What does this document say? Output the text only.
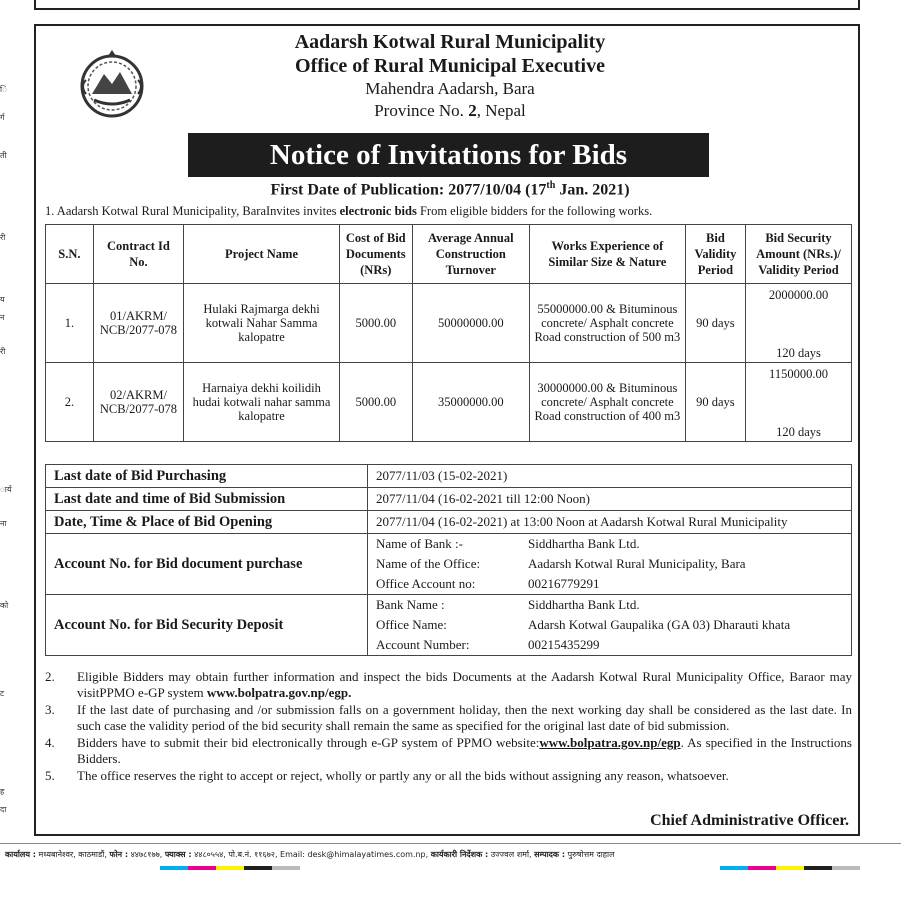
ि
र्ग
ती
री
य
न
री
ार्य
ना
को
ट
ह
दा
Aadarsh Kotwal Rural Municipality
Office of Rural Municipal Executive
Mahendra Aadarsh, Bara
Province No. 2, Nepal
Notice of Invitations for Bids
First Date of Publication: 2077/10/04 (17th Jan. 2021)
1. Aadarsh Kotwal Rural Municipality, BaraInvites invites electronic bids From eligible bidders for the following works.
S.N.	Contract Id No.	Project Name	Cost of Bid Documents (NRs)	Average Annual Construction Turnover	Works Experience of Similar Size & Nature	Bid Validity Period	Bid Security Amount (NRs.)/ Validity Period
1.	01/AKRM/ NCB/2077-078	Hulaki Rajmarga dekhi kotwali Nahar Samma kalopatre	5000.00	50000000.00	55000000.00 & Bituminous concrete/ Asphalt concrete Road construction of 500 m3	90 days	2000000.00
120 days

2.	02/AKRM/ NCB/2077-078	Harnaiya dekhi koilidih hudai kotwali nahar samma kalopatre	5000.00	35000000.00	30000000.00 & Bituminous concrete/ Asphalt concrete Road construction of 400 m3	90 days	1150000.00
120 days
Last date of Bid Purchasing	2077/11/03 (15-02-2021)
Last date and time of Bid Submission	2077/11/04 (16-02-2021 till 12:00 Noon)
Date, Time & Place of Bid Opening	2077/11/04 (16-02-2021) at 13:00 Noon at Aadarsh Kotwal Rural Municipality
Account No. for Bid document purchase	
Name of Bank :-	Siddhartha Bank Ltd.
Name of the Office:	Aadarsh Kotwal Rural Municipality, Bara
Office Account no:	00216779291

Account No. for Bid Security Deposit	
Bank Name :	Siddhartha Bank Ltd.
Office Name:	Adarsh Kotwal Gaupalika (GA 03) Dharauti khata
Account Number:	00215435299
2.	Eligible Bidders may obtain further information and inspect the bids Documents at the Aadarsh Kotwal Rural Municipality Office, Baraor may visitPPMO e-GP system www.bolpatra.gov.np/egp.
3.	If the last date of purchasing and /or submission falls on a government holiday, then the next working day shall be considered as the last date. In such case the validity period of the bid security shall remain the same as specified for the original last date of bid submission.
4.	Bidders have to submit their bid electronically through e-GP system of PPMO website:www.bolpatra.gov.np/egp. As specified in the Instructions Bidders.
5.	The office reserves the right to accept or reject, wholly or partly any or all the bids without assigning any reason, whatsoever.
Chief Administrative Officer.
कार्यालय : मध्यबानेश्वर, काठमाडौं, फोन : ४४७८१७७, फ्याक्स : ४४८०५५४, पो.ब.नं. ११६७२, Email: desk@himalayatimes.com.np, कार्यकारी निर्देशक : उज्ज्वल शर्मा, सम्पादक : पुरुषोत्तम दाहाल
